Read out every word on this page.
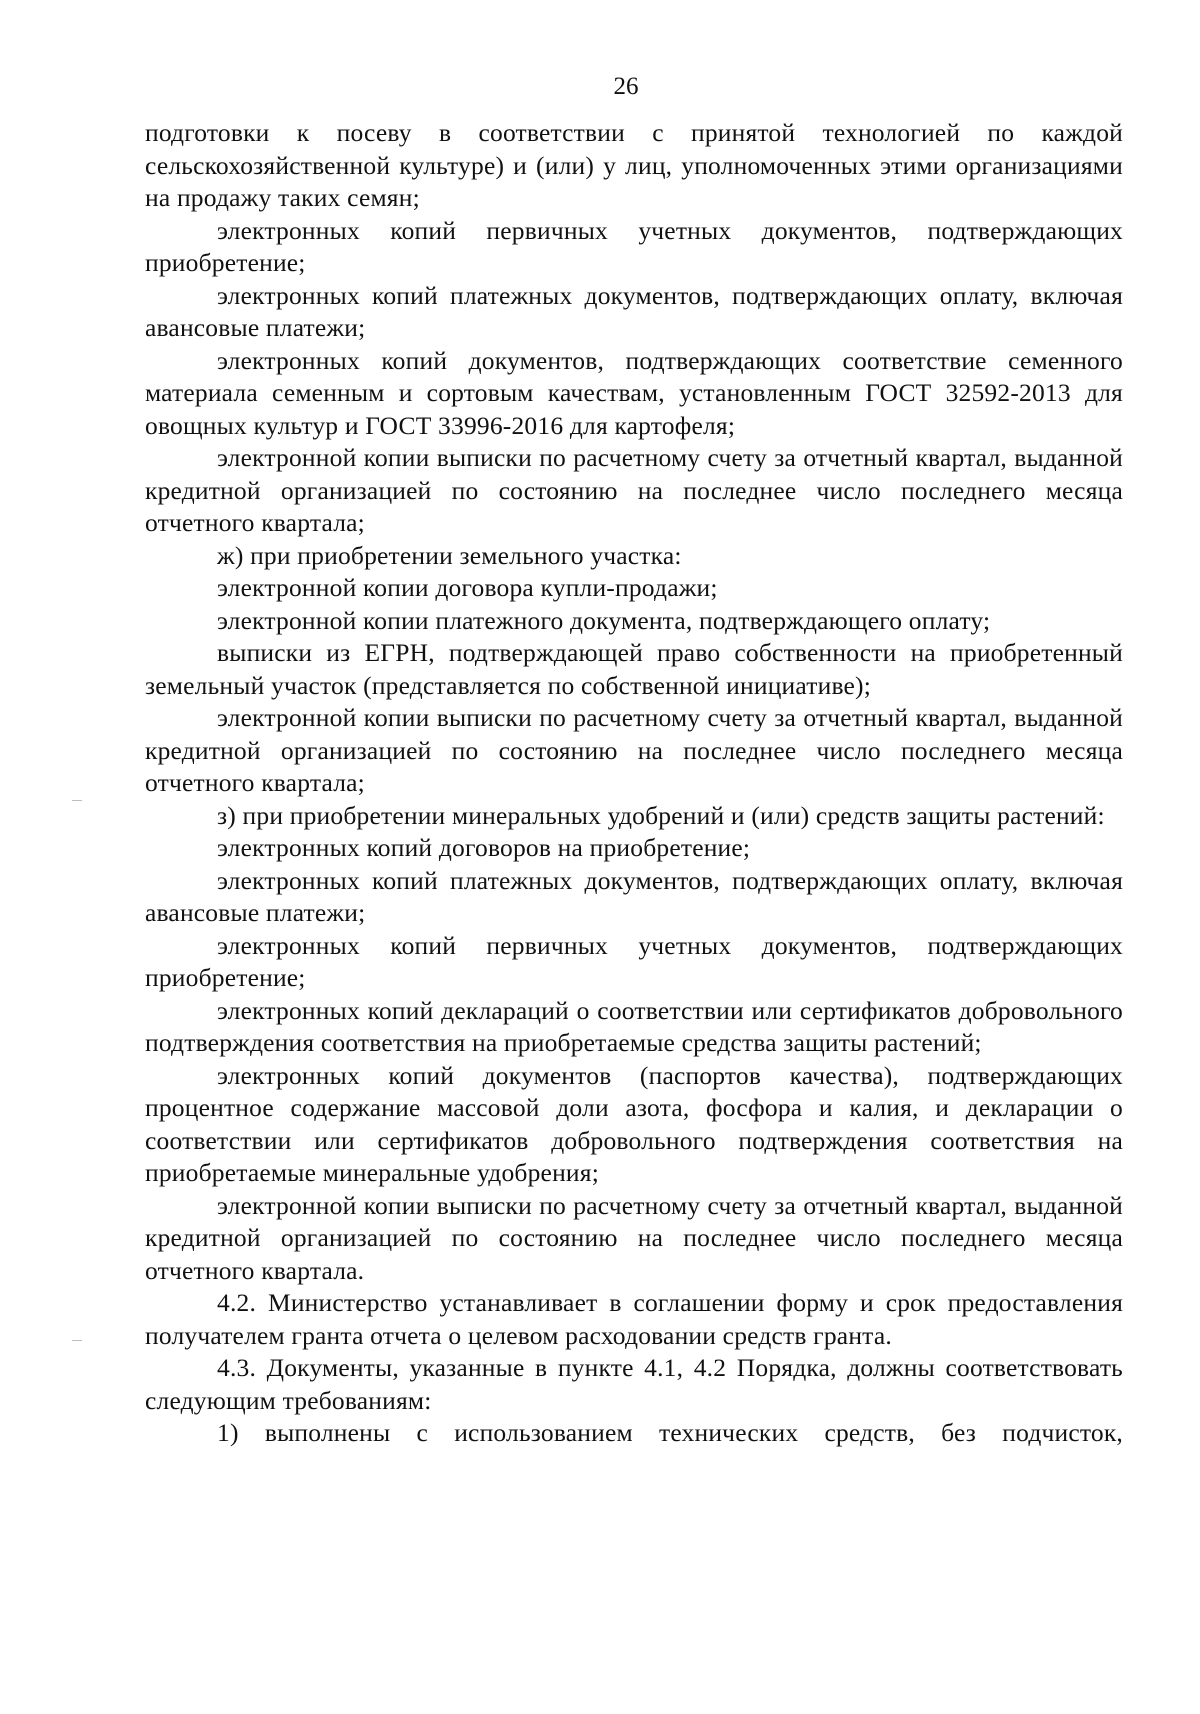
26

подготовки к посеву в соответствии с принятой технологией по каждой сельскохозяйственной культуре) и (или) у лиц, уполномоченных этими организациями на продажу таких семян;

электронных копий первичных учетных документов, подтверждающих приобретение;

электронных копий платежных документов, подтверждающих оплату, включая авансовые платежи;

электронных копий документов, подтверждающих соответствие семенного материала семенным и сортовым качествам, установленным ГОСТ 32592-2013 для овощных культур и ГОСТ 33996-2016 для картофеля;

электронной копии выписки по расчетному счету за отчетный квартал, выданной кредитной организацией по состоянию на последнее число последнего месяца отчетного квартала;

ж) при приобретении земельного участка:

электронной копии договора купли-продажи;

электронной копии платежного документа, подтверждающего оплату;

выписки из ЕГРН, подтверждающей право собственности на приобретенный земельный участок (представляется по собственной инициативе);

электронной копии выписки по расчетному счету за отчетный квартал, выданной кредитной организацией по состоянию на последнее число последнего месяца отчетного квартала;

з) при приобретении минеральных удобрений и (или) средств защиты растений:

электронных копий договоров на приобретение;

электронных копий платежных документов, подтверждающих оплату, включая авансовые платежи;

электронных копий первичных учетных документов, подтверждающих приобретение;

электронных копий деклараций о соответствии или сертификатов добровольного подтверждения соответствия на приобретаемые средства защиты растений;

электронных копий документов (паспортов качества), подтверждающих процентное содержание массовой доли азота, фосфора и калия, и декларации о соответствии или сертификатов добровольного подтверждения соответствия на приобретаемые минеральные удобрения;

электронной копии выписки по расчетному счету за отчетный квартал, выданной кредитной организацией по состоянию на последнее число последнего месяца отчетного квартала.

4.2. Министерство устанавливает в соглашении форму и срок предоставления получателем гранта отчета о целевом расходовании средств гранта.

4.3. Документы, указанные в пункте 4.1, 4.2 Порядка, должны соответствовать следующим требованиям:

1) выполнены с использованием технических средств, без подчисток,
